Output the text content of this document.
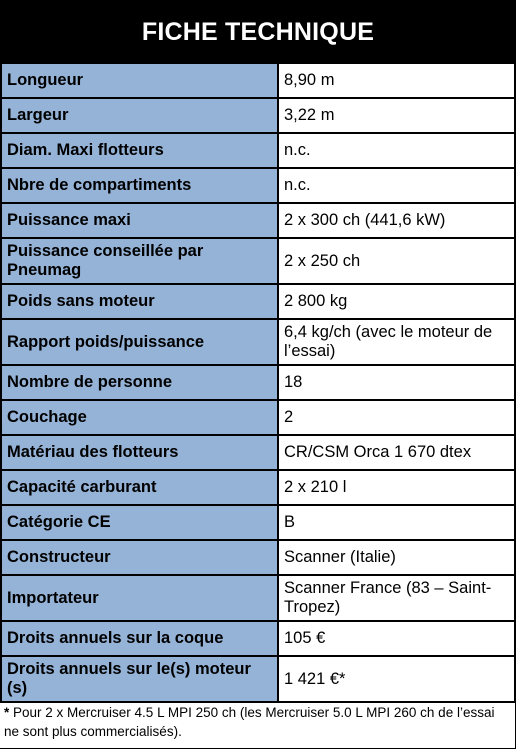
FICHE TECHNIQUE
Longueur	8,90 m
Largeur	3,22 m
Diam. Maxi flotteurs	n.c.
Nbre de compartiments	n.c.
Puissance maxi	2 x 300 ch (441,6 kW)
Puissance conseillée par Pneumag	2 x 250 ch
Poids sans moteur	2 800 kg
Rapport poids/puissance	6,4 kg/ch (avec le moteur de l’essai)
Nombre de personne	18
Couchage	2
Matériau des flotteurs	CR/CSM Orca 1 670 dtex
Capacité carburant	2 x 210 l
Catégorie CE	B
Constructeur	Scanner (Italie)
Importateur	Scanner France (83 – Saint-Tropez)
Droits annuels sur la coque	105 €
Droits annuels sur le(s) moteur (s)	1 421 €*
* Pour 2 x Mercruiser 4.5 L MPI 250 ch (les Mercruiser 5.0 L MPI 260 ch de l’essai ne sont plus commercialisés).
